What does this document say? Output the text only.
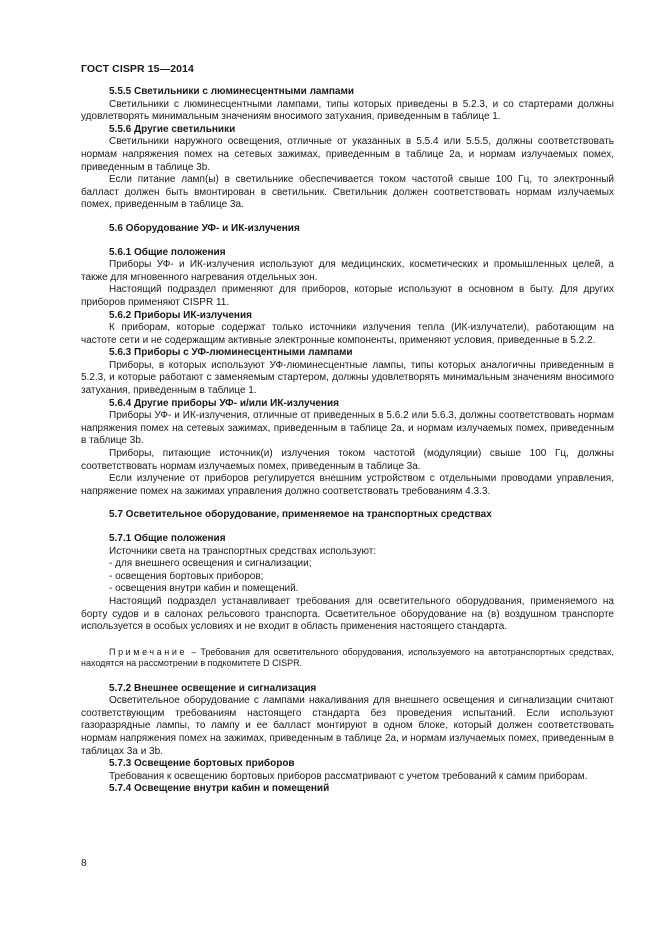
ГОСТ CISPR 15—2014

5.5.5 Светильники с люминесцентными лампами

Светильники с люминесцентными лампами, типы которых приведены в 5.2.3, и со стартерами должны удовлетворять минимальным значениям вносимого затухания, приведенным в таблице 1.

5.5.6 Другие светильники

Светильники наружного освещения, отличные от указанных в 5.5.4 или 5.5.5, должны соответствовать нормам напряжения помех на сетевых зажимах, приведенным в таблице 2а, и нормам излучаемых помех, приведенным в таблице 3b.

Если питание ламп(ы) в светильнике обеспечивается током частотой свыше 100 Гц, то электронный балласт должен быть вмонтирован в светильник. Светильник должен соответствовать нормам излучаемых помех, приведенным в таблице 3а.

5.6 Оборудование УФ- и ИК-излучения

5.6.1 Общие положения

Приборы УФ- и ИК-излучения используют для медицинских, косметических и промышленных целей, а также для мгновенного нагревания отдельных зон.

Настоящий подраздел применяют для приборов, которые используют в основном в быту. Для других приборов применяют CISPR 11.

5.6.2 Приборы ИК-излучения

К приборам, которые содержат только источники излучения тепла (ИК-излучатели), работающим на частоте сети и не содержащим активные электронные компоненты, применяют условия, приведенные в 5.2.2.

5.6.3 Приборы с УФ-люминесцентными лампами

Приборы, в которых используют УФ-люминесцентные лампы, типы которых аналогичны приведенным в 5.2.3, и которые работают с заменяемым стартером, должны удовлетворять минимальным значениям вносимого затухания, приведенным в таблице 1.

5.6.4 Другие приборы УФ- и/или ИК-излучения

Приборы УФ- и ИК-излучения, отличные от приведенных в 5.6.2 или 5.6.3, должны соответствовать нормам напряжения помех на сетевых зажимах, приведенным в таблице 2а, и нормам излучаемых помех, приведенным в таблице 3b.

Приборы, питающие источник(и) излучения током частотой (модуляции) свыше 100 Гц, должны соответствовать нормам излучаемых помех, приведенным в таблице 3а.

Если излучение от приборов регулируется внешним устройством с отдельными проводами управления, напряжение помех на зажимах управления должно соответствовать требованиям 4.3.3.

5.7 Осветительное оборудование, применяемое на транспортных средствах

5.7.1 Общие положения

Источники света на транспортных средствах используют:

- для внешнего освещения и сигнализации;

- освещения бортовых приборов;

- освещения внутри кабин и помещений.

Настоящий подраздел устанавливает требования для осветительного оборудования, применяемого на борту судов и в салонах рельсового транспорта. Осветительное оборудование на (в) воздушном транспорте используется в особых условиях и не входит в область применения настоящего стандарта.

Примечание – Требования для осветительного оборудования, используемого на автотранспортных средствах, находятся на рассмотрении в подкомитете D CISPR.

5.7.2 Внешнее освещение и сигнализация

Осветительное оборудование с лампами накаливания для внешнего освещения и сигнализации считают соответствующим требованиям настоящего стандарта без проведения испытаний. Если используют газоразрядные лампы, то лампу и ее балласт монтируют в одном блоке, который должен соответствовать нормам напряжения помех на зажимах, приведенным в таблице 2а, и нормам излучаемых помех, приведенным в таблицах 3а и 3b.

5.7.3 Освещение бортовых приборов

Требования к освещению бортовых приборов рассматривают с учетом требований к самим приборам.

5.7.4 Освещение внутри кабин и помещений

8
